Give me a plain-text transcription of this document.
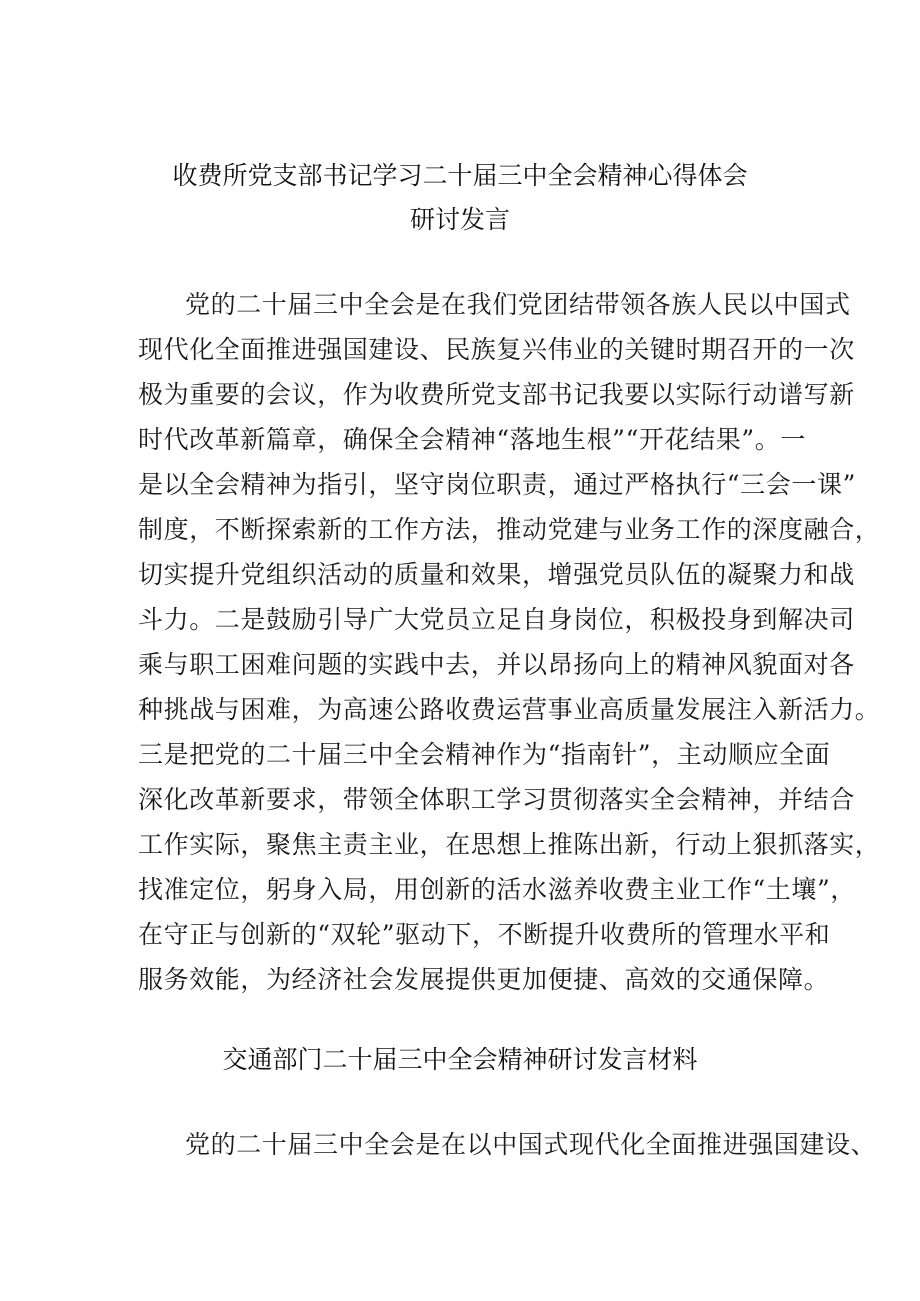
收费所党支部书记学习二十届三中全会精神心得体会
研讨发言
党的二十届三中全会是在我们党团结带领各族人民以中国式
现代化全面推进强国建设、民族复兴伟业的关键时期召开的一次
极为重要的会议，作为收费所党支部书记我要以实际行动谱写新
时代改革新篇章，确保全会精神“落地生根”“开花结果”。一
是以全会精神为指引，坚守岗位职责，通过严格执行“三会一课”
制度，不断探索新的工作方法，推动党建与业务工作的深度融合，
切实提升党组织活动的质量和效果，增强党员队伍的凝聚力和战
斗力。二是鼓励引导广大党员立足自身岗位，积极投身到解决司
乘与职工困难问题的实践中去，并以昂扬向上的精神风貌面对各
种挑战与困难，为高速公路收费运营事业高质量发展注入新活力。
三是把党的二十届三中全会精神作为“指南针”，主动顺应全面
深化改革新要求，带领全体职工学习贯彻落实全会精神，并结合
工作实际，聚焦主责主业，在思想上推陈出新，行动上狠抓落实，
找准定位，躬身入局，用创新的活水滋养收费主业工作“土壤”，
在守正与创新的“双轮”驱动下，不断提升收费所的管理水平和
服务效能，为经济社会发展提供更加便捷、高效的交通保障。
交通部门二十届三中全会精神研讨发言材料
党的二十届三中全会是在以中国式现代化全面推进强国建设、
